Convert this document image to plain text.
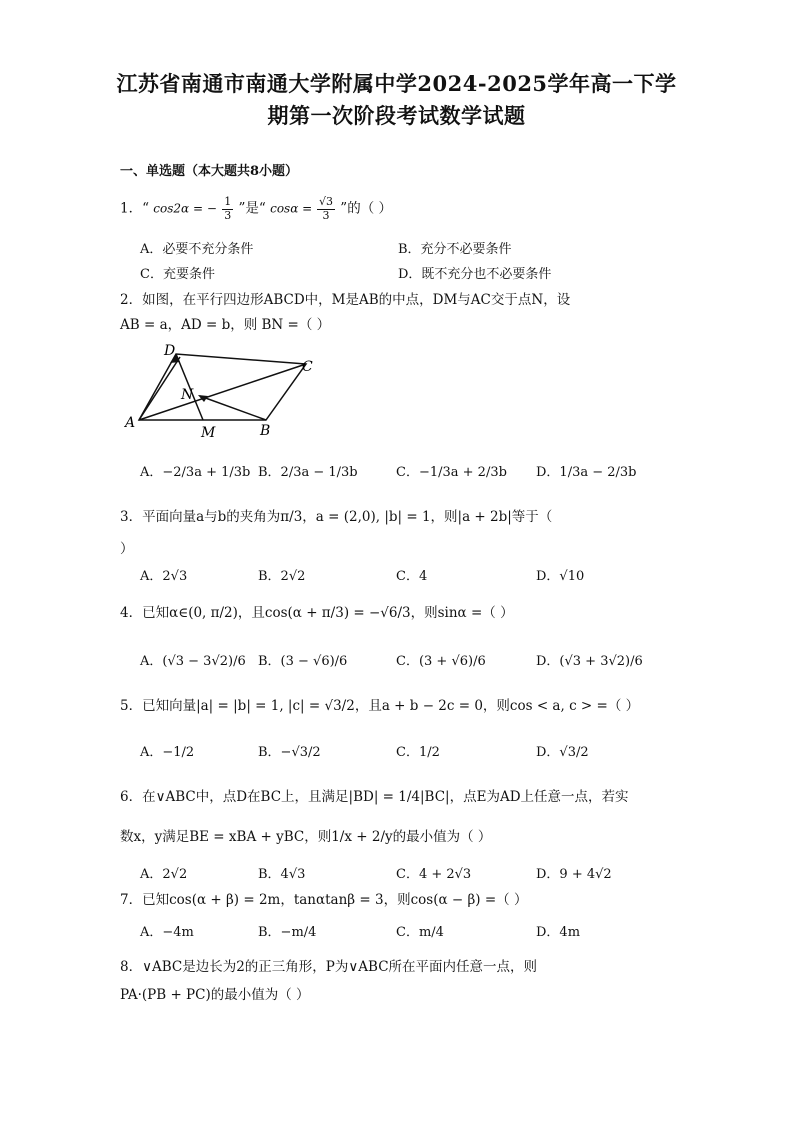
江苏省南通市南通大学附属中学2024-2025学年高一下学
期第一次阶段考试数学试题
一、单选题（本大题共8小题）
1．“ cos2α = − $\frac{1}{3}$ ”是“ $\cos\alpha = \frac{√3}{3}$ ”的（ ）
A．必要不充分条件	B．充分不必要条件
C．充要条件	D．既不充分也不必要条件
2．如图，在平行四边形ABCD中，M是AB的中点，DM与AC交于点N，设
AB = a，AD = b，则 BN =（ ）
A	B
C
D
M
N
A．−2/3a + 1/3b B．2/3a − 1/3b	C．−1/3a + 2/3b D．1/3a − 2/3b
3．平面向量a与b的夹角为π/3，a = (2,0), |b| = 1，则|a + 2b|等于（
）
A．2√3	B．2√2	C．4	D．√10
4．已知α∈(0, π/2)，且cos(α + π/3) = −√6/3，则sinα =（ ）
A．(√3 − 3√2)/6 B．(3 − √6)/6	C．(3 + √6)/6	D．(√3 + 3√2)/6
5．已知向量|a| = |b| = 1, |c| = √3/2，且a + b − 2c = 0，则cos < a, c > =（ ）
A．−1/2	B．−√3/2	C．1/2	D．√3/2
6．在∨ABC中，点D在BC上，且满足|BD| = 1/4|BC|，点E为AD上任意一点，若实
数x，y满足BE = xBA + yBC，则1/x + 2/y的最小值为（ ）
A．2√2	B．4√3	C．4 + 2√3	D．9 + 4√2
7．已知cos(α + β) = 2m，tanαtanβ = 3，则cos(α − β) =（ ）
A．−4m	B．−m/4	C．m/4	D．4m
8．∨ABC是边长为2的正三角形，P为∨ABC所在平面内任意一点，则
PA·(PB + PC)的最小值为（ ）
